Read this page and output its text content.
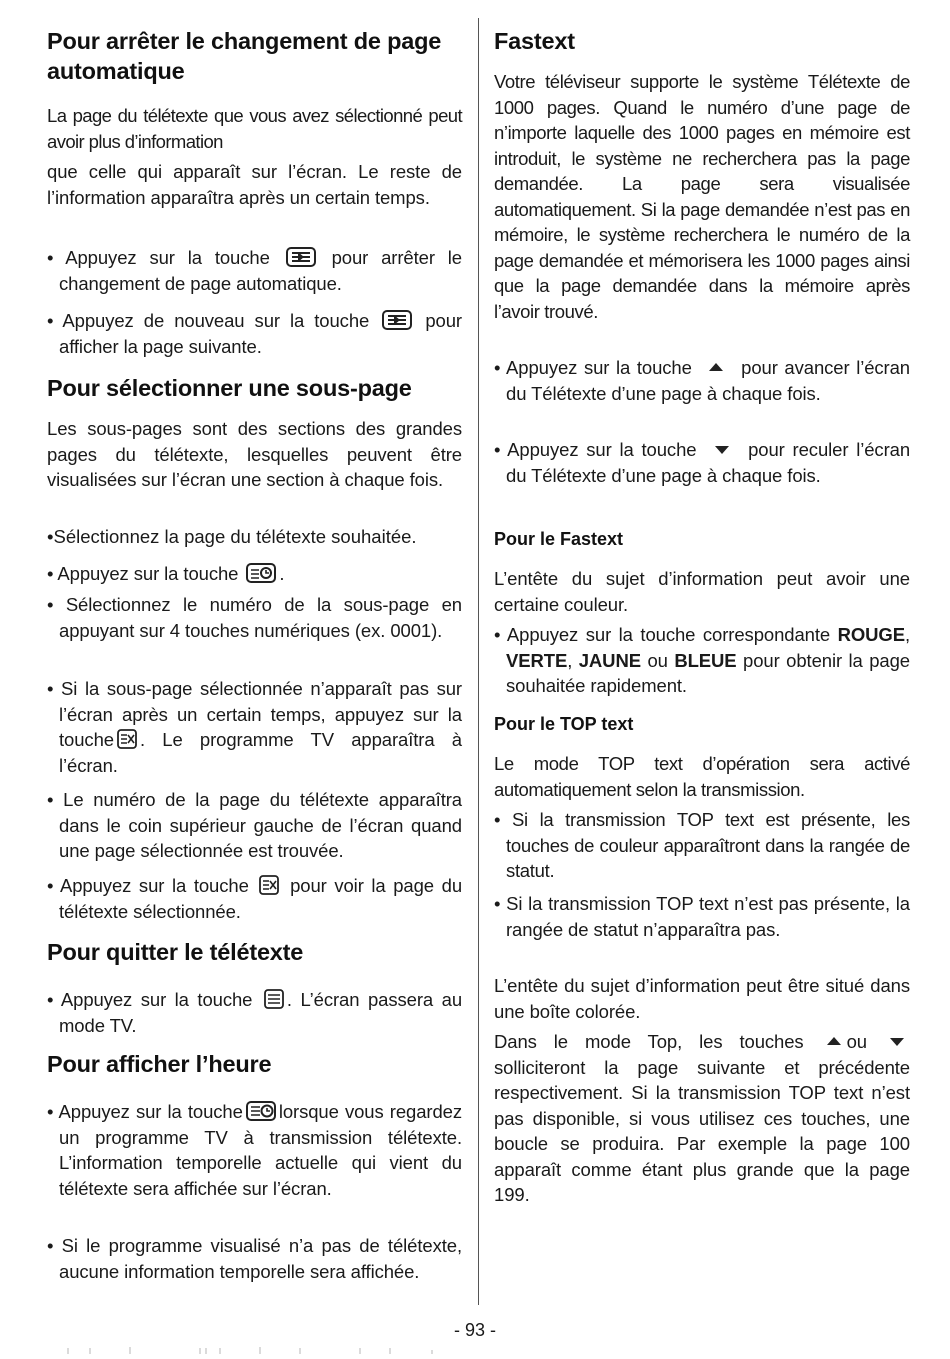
Pour arrêter le changement de page automatique
La page du télétexte que vous avez sélectionné peut avoir plus d’information
que celle qui apparaît sur l’écran. Le reste de l’information apparaîtra après un certain temps.
• Appuyez sur la touche	pour arrêter le changement de page automatique.
• Appuyez de nouveau sur la touche	pour afficher la page suivante.
Pour sélectionner une sous-page
Les sous-pages sont des sections des grandes pages du télétexte, lesquelles peuvent être visualisées sur l’écran une section à chaque fois.
•Sélectionnez la page du télétexte souhaitée.
• Appuyez sur la touche .
• Sélectionnez le numéro de la sous-page en appuyant sur 4 touches numériques (ex. 0001).
• Si la sous-page sélectionnée n’apparaît pas sur l’écran après un certain temps, appuyez sur la touche . Le programme TV apparaîtra à l’écran.
• Le numéro de la page du télétexte apparaîtra dans le coin supérieur gauche de l’écran quand une page sélectionnée est trouvée.
• Appuyez sur la touche pour voir la page du télétexte sélectionnée.
Pour quitter le télétexte
• Appuyez sur la touche . L’écran passera au mode TV.
Pour afficher l’heure
• Appuyez sur la touche lorsque vous regardez un programme TV à transmission télétexte. L’information temporelle actuelle qui vient du télétexte sera affichée sur l’écran.
• Si le programme visualisé n’a pas de télétexte, aucune information temporelle sera affichée.
Fastext
Votre téléviseur supporte le système Télétexte de 1000 pages. Quand le numéro d’une page de n’importe laquelle des 1000 pages en mémoire est introduit, le système ne recherchera pas la page demandée. La page sera visualisée automatiquement. Si la page demandée n’est pas en mémoire, le système recherchera le numéro de la page demandée et mémorisera les 1000 pages ainsi que la page demandée dans la mémoire après l’avoir trouvé.
• Appuyez sur la touche	pour avancer l’écran du Télétexte d’une page à chaque fois.
• Appuyez sur la touche	pour reculer l’écran du Télétexte d’une page à chaque fois.
Pour le Fastext
L’entête du sujet d’information peut avoir une certaine couleur.
• Appuyez sur la touche correspondante ROUGE, VERTE, JAUNE ou BLEUE pour obtenir la page souhaitée rapidement.
Pour le TOP text
Le mode TOP text d’opération sera activé automatiquement selon la transmission.
• Si la transmission TOP text est présente, les touches de couleur apparaîtront dans la rangée de statut.
• Si la transmission TOP text n’est pas présente, la rangée de statut n’apparaîtra pas.
L’entête du sujet d’information peut être situé dans une boîte colorée.
Dans le mode Top, les touches ou
solliciteront la page suivante et précédente respectivement. Si la transmission TOP text n’est pas disponible, si vous utilisez ces touches, une boucle se produira. Par exemple la page 100 apparaît comme étant plus grande que la page 199.
- 93 -
